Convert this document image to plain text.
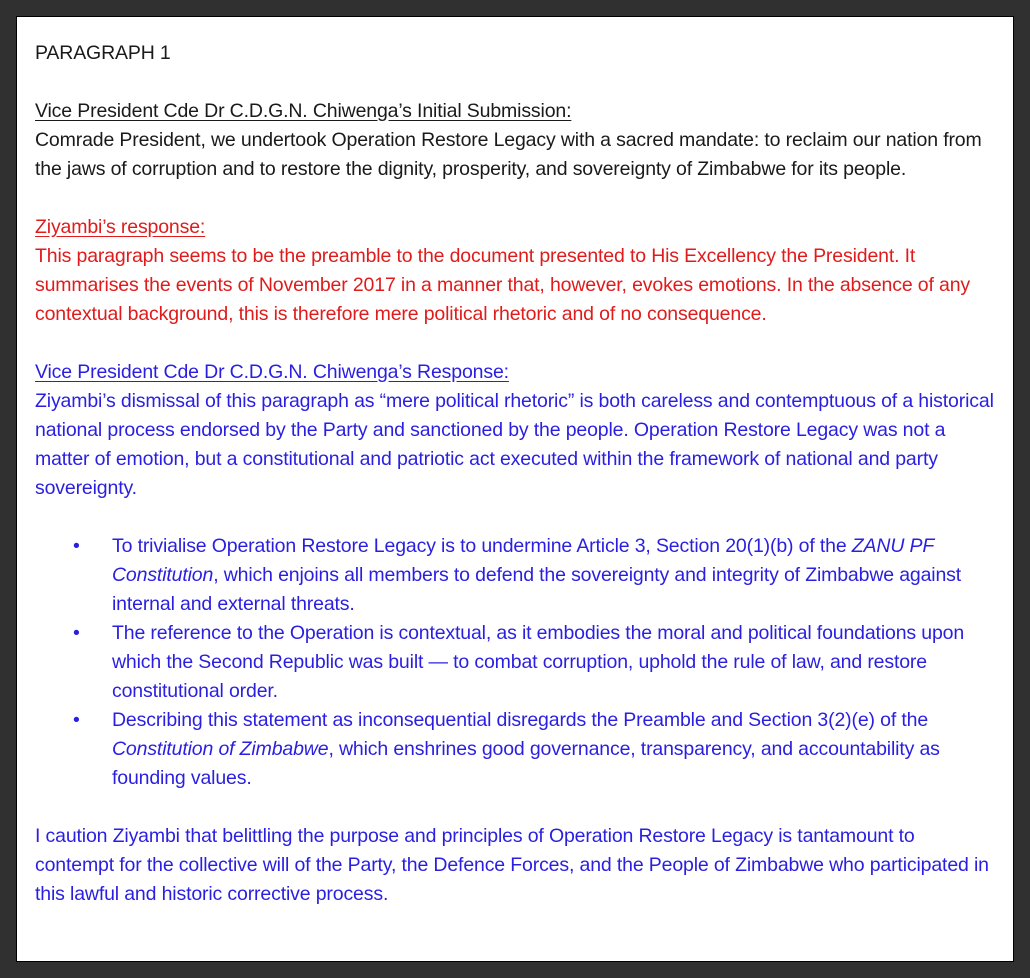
PARAGRAPH 1

Vice President Cde Dr C.D.G.N. Chiwenga’s Initial Submission:

Comrade President, we undertook Operation Restore Legacy with a sacred mandate: to reclaim our nation from the jaws of corruption and to restore the dignity, prosperity, and sovereignty of Zimbabwe for its people.

Ziyambi’s response:

This paragraph seems to be the preamble to the document presented to His Excellency the President. It summarises the events of November 2017 in a manner that, however, evokes emotions. In the absence of any contextual background, this is therefore mere political rhetoric and of no consequence.

Vice President Cde Dr C.D.G.N. Chiwenga’s Response:

Ziyambi’s dismissal of this paragraph as “mere political rhetoric” is both careless and contemptuous of a historical national process endorsed by the Party and sanctioned by the people. Operation Restore Legacy was not a matter of emotion, but a constitutional and patriotic act executed within the framework of national and party sovereignty.

• To trivialise Operation Restore Legacy is to undermine Article 3, Section 20(1)(b) of the ZANU PF Constitution, which enjoins all members to defend the sovereignty and integrity of Zimbabwe against internal and external threats.
• The reference to the Operation is contextual, as it embodies the moral and political foundations upon which the Second Republic was built — to combat corruption, uphold the rule of law, and restore constitutional order.
• Describing this statement as inconsequential disregards the Preamble and Section 3(2)(e) of the Constitution of Zimbabwe, which enshrines good governance, transparency, and accountability as founding values.

I caution Ziyambi that belittling the purpose and principles of Operation Restore Legacy is tantamount to contempt for the collective will of the Party, the Defence Forces, and the People of Zimbabwe who participated in this lawful and historic corrective process.
